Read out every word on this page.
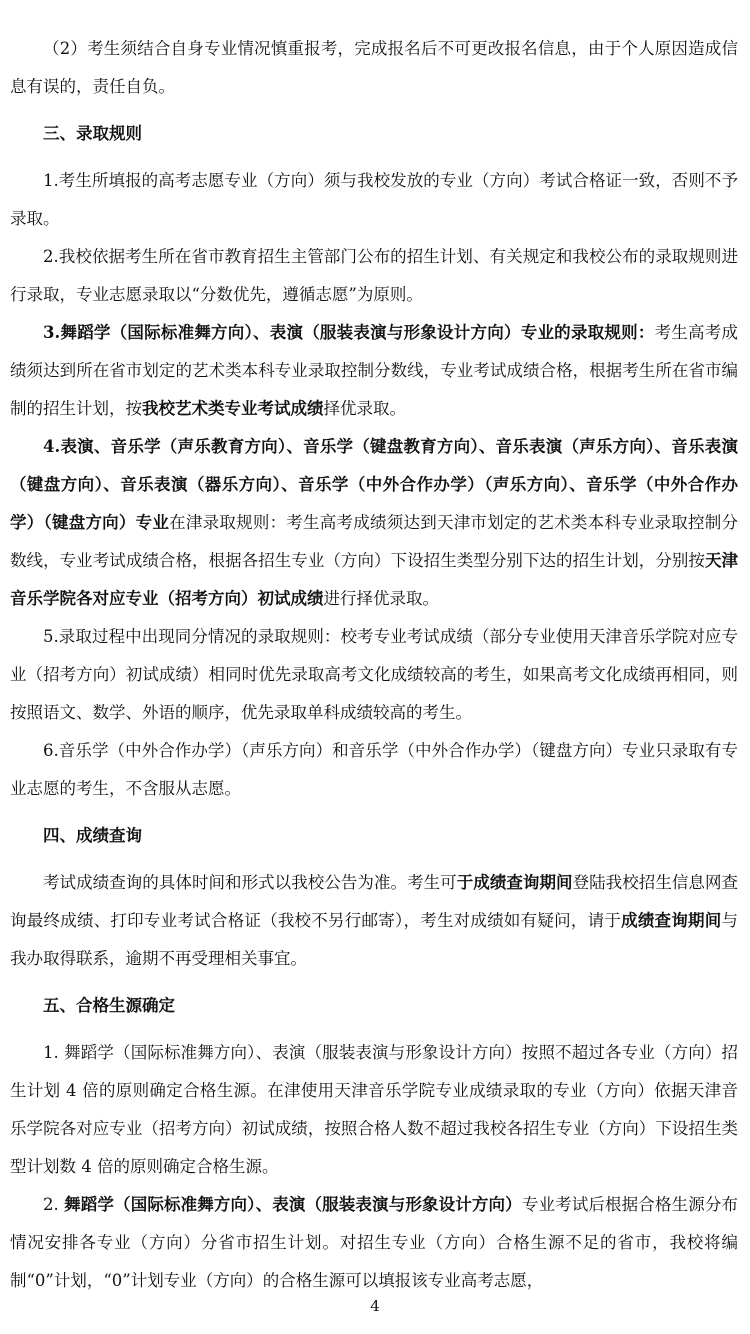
（2）考生须结合自身专业情况慎重报考，完成报名后不可更改报名信息，由于个人原因造成信息有误的，责任自负。

三、录取规则

1.考生所填报的高考志愿专业（方向）须与我校发放的专业（方向）考试合格证一致，否则不予录取。

2.我校依据考生所在省市教育招生主管部门公布的招生计划、有关规定和我校公布的录取规则进行录取，专业志愿录取以“分数优先，遵循志愿”为原则。

3.舞蹈学（国际标准舞方向）、表演（服装表演与形象设计方向）专业的录取规则：考生高考成绩须达到所在省市划定的艺术类本科专业录取控制分数线，专业考试成绩合格，根据考生所在省市编制的招生计划，按我校艺术类专业考试成绩择优录取。

4.表演、音乐学（声乐教育方向）、音乐学（键盘教育方向）、音乐表演（声乐方向）、音乐表演（键盘方向）、音乐表演（器乐方向）、音乐学（中外合作办学）（声乐方向）、音乐学（中外合作办学）（键盘方向）专业在津录取规则：考生高考成绩须达到天津市划定的艺术类本科专业录取控制分数线，专业考试成绩合格，根据各招生专业（方向）下设招生类型分别下达的招生计划，分别按天津音乐学院各对应专业（招考方向）初试成绩进行择优录取。

5.录取过程中出现同分情况的录取规则：校考专业考试成绩（部分专业使用天津音乐学院对应专业（招考方向）初试成绩）相同时优先录取高考文化成绩较高的考生，如果高考文化成绩再相同，则按照语文、数学、外语的顺序，优先录取单科成绩较高的考生。

6.音乐学（中外合作办学）（声乐方向）和音乐学（中外合作办学）（键盘方向）专业只录取有专业志愿的考生，不含服从志愿。

四、成绩查询

考试成绩查询的具体时间和形式以我校公告为准。考生可于成绩查询期间登陆我校招生信息网查询最终成绩、打印专业考试合格证（我校不另行邮寄），考生对成绩如有疑问，请于成绩查询期间与我办取得联系，逾期不再受理相关事宜。

五、合格生源确定

1. 舞蹈学（国际标准舞方向）、表演（服装表演与形象设计方向）按照不超过各专业（方向）招生计划 4 倍的原则确定合格生源。在津使用天津音乐学院专业成绩录取的专业（方向）依据天津音乐学院各对应专业（招考方向）初试成绩，按照合格人数不超过我校各招生专业（方向）下设招生类型计划数 4 倍的原则确定合格生源。

2. 舞蹈学（国际标准舞方向）、表演（服装表演与形象设计方向）专业考试后根据合格生源分布情况安排各专业（方向）分省市招生计划。对招生专业（方向）合格生源不足的省市，我校将编制“0”计划，“0”计划专业（方向）的合格生源可以填报该专业高考志愿，

4
